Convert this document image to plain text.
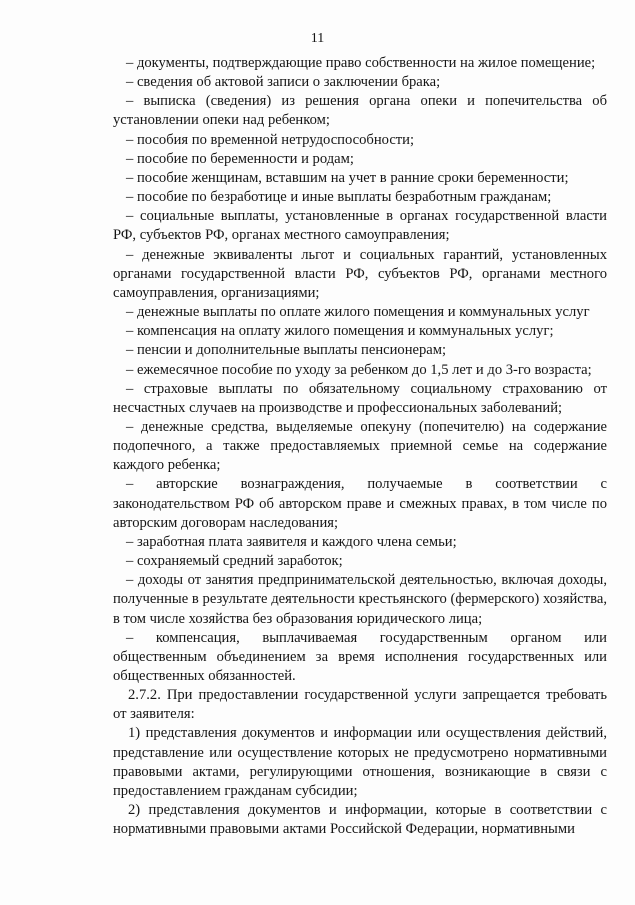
11

– документы, подтверждающие право собственности на жилое помещение;

– сведения об актовой записи о заключении брака;

– выписка (сведения) из решения органа опеки и попечительства об установлении опеки над ребенком;

– пособия по временной нетрудоспособности;

– пособие по беременности и родам;

– пособие женщинам, вставшим на учет в ранние сроки беременности;

– пособие по безработице и иные выплаты безработным гражданам;

– социальные выплаты, установленные в органах государственной власти РФ, субъектов РФ, органах местного самоуправления;

– денежные эквиваленты льгот и социальных гарантий, установленных органами государственной власти РФ, субъектов РФ, органами местного самоуправления, организациями;

– денежные выплаты по оплате жилого помещения и коммунальных услуг

– компенсация на оплату жилого помещения и коммунальных услуг;

– пенсии и дополнительные выплаты пенсионерам;

– ежемесячное пособие по уходу за ребенком до 1,5 лет и до 3-го возраста;

– страховые выплаты по обязательному социальному страхованию от несчастных случаев на производстве и профессиональных заболеваний;

– денежные средства, выделяемые опекуну (попечителю) на содержание подопечного, а также предоставляемых приемной семье на содержание каждого ребенка;

– авторские вознаграждения, получаемые в соответствии с законодательством РФ об авторском праве и смежных правах, в том числе по авторским договорам наследования;

– заработная плата заявителя и каждого члена семьи;

– сохраняемый средний заработок;

– доходы от занятия предпринимательской деятельностью, включая доходы, полученные в результате деятельности крестьянского (фермерского) хозяйства, в том числе хозяйства без образования юридического лица;

– компенсация, выплачиваемая государственным органом или общественным объединением за время исполнения государственных или общественных обязанностей.

2.7.2. При предоставлении государственной услуги запрещается требовать от заявителя:

1) представления документов и информации или осуществления действий, представление или осуществление которых не предусмотрено нормативными правовыми актами, регулирующими отношения, возникающие в связи с предоставлением гражданам субсидии;

2) представления документов и информации, которые в соответствии с нормативными правовыми актами Российской Федерации, нормативными
